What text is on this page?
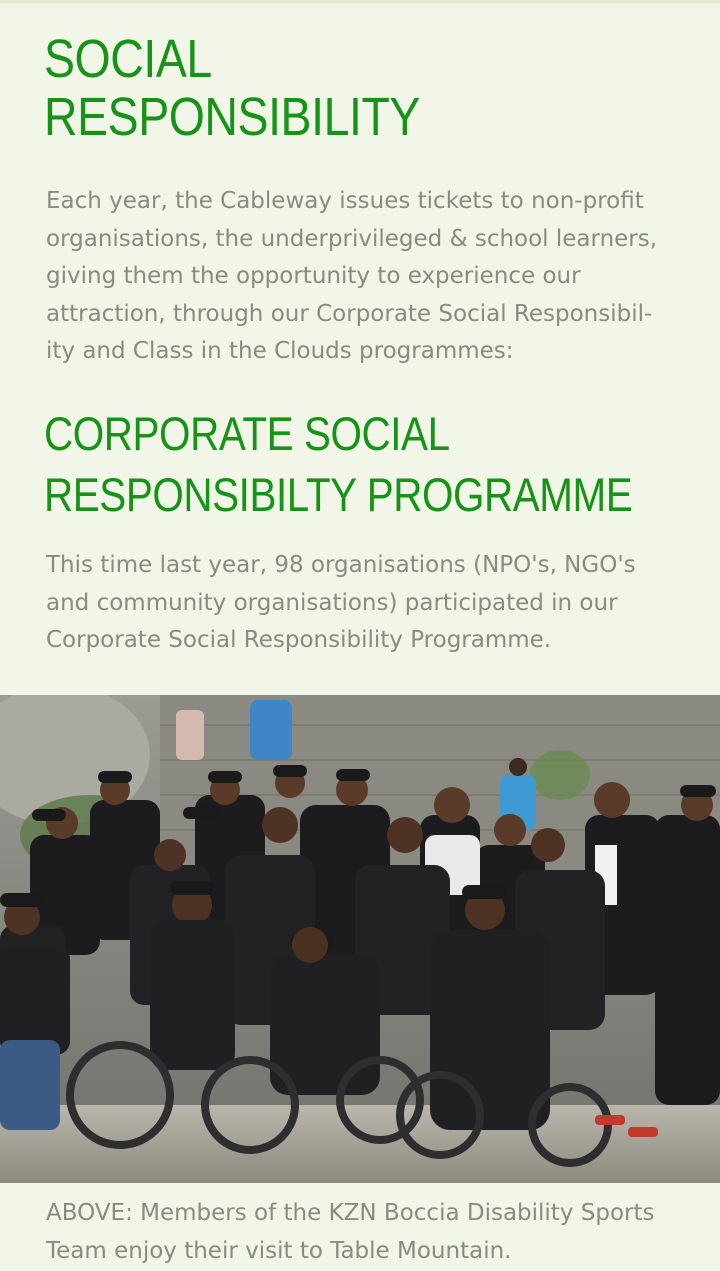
SOCIAL
RESPONSIBILITY

Each year, the Cableway issues tickets to non-profit
organisations, the underprivileged & school learners,
giving them the opportunity to experience our
attraction, through our Corporate Social Responsibil-
ity and Class in the Clouds programmes:

CORPORATE SOCIAL
RESPONSIBILTY PROGRAMME

This time last year, 98 organisations (NPO's, NGO's
and community organisations) participated in our
Corporate Social Responsibility Programme.

ABOVE: Members of the KZN Boccia Disability Sports
Team enjoy their visit to Table Mountain.
